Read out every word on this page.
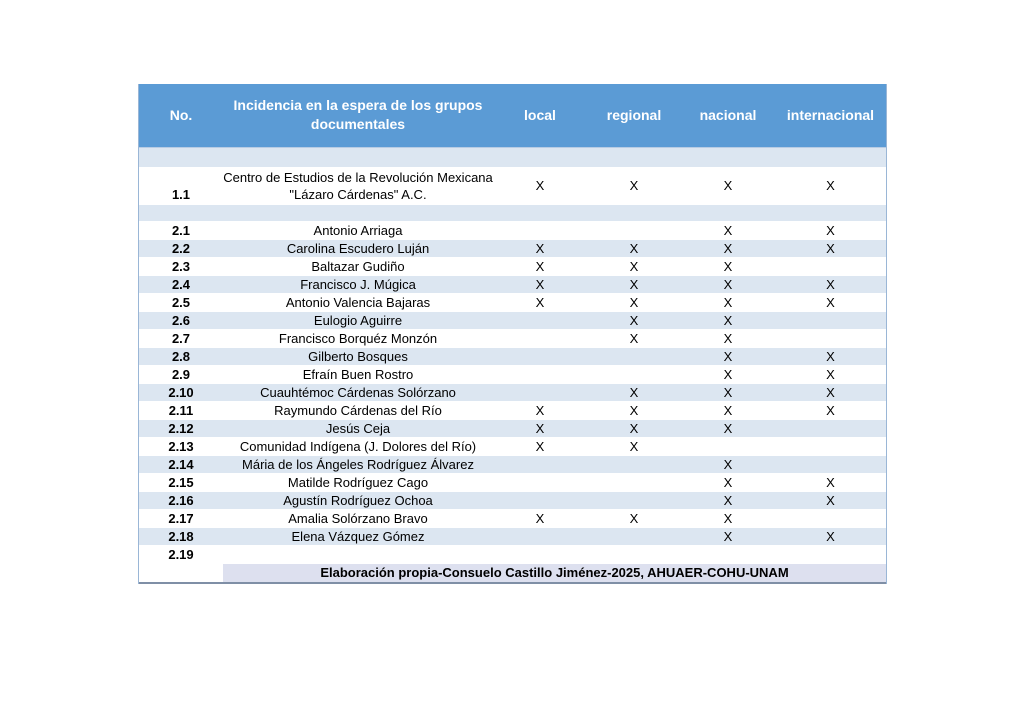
No.	Incidencia en la espera de los grupos documentales	local	regional	nacional	internacional

1.1	Centro de Estudios de la Revolución Mexicana "Lázaro Cárdenas" A.C.	X	X	X	X

2.1	Antonio Arriaga			X	X
2.2	Carolina Escudero Luján	X	X	X	X
2.3	Baltazar Gudiño	X	X	X	
2.4	Francisco J. Múgica	X	X	X	X
2.5	Antonio Valencia Bajaras	X	X	X	X
2.6	Eulogio Aguirre		X	X	
2.7	Francisco Borquéz Monzón		X	X	
2.8	Gilberto Bosques			X	X
2.9	Efraín Buen Rostro			X	X
2.10	Cuauhtémoc Cárdenas Solórzano		X	X	X
2.11	Raymundo Cárdenas del Río	X	X	X	X
2.12	Jesús Ceja	X	X	X	
2.13	Comunidad Indígena (J. Dolores del Río)	X	X		
2.14	Mária de los Ángeles Rodríguez Álvarez			X	
2.15	Matilde Rodríguez Cago			X	X
2.16	Agustín Rodríguez Ochoa			X	X
2.17	Amalia Solórzano Bravo	X	X	X	
2.18	Elena Vázquez Gómez			X	X
2.19					
	Elaboración propia-Consuelo Castillo Jiménez-2025, AHUAER-COHU-UNAM				
